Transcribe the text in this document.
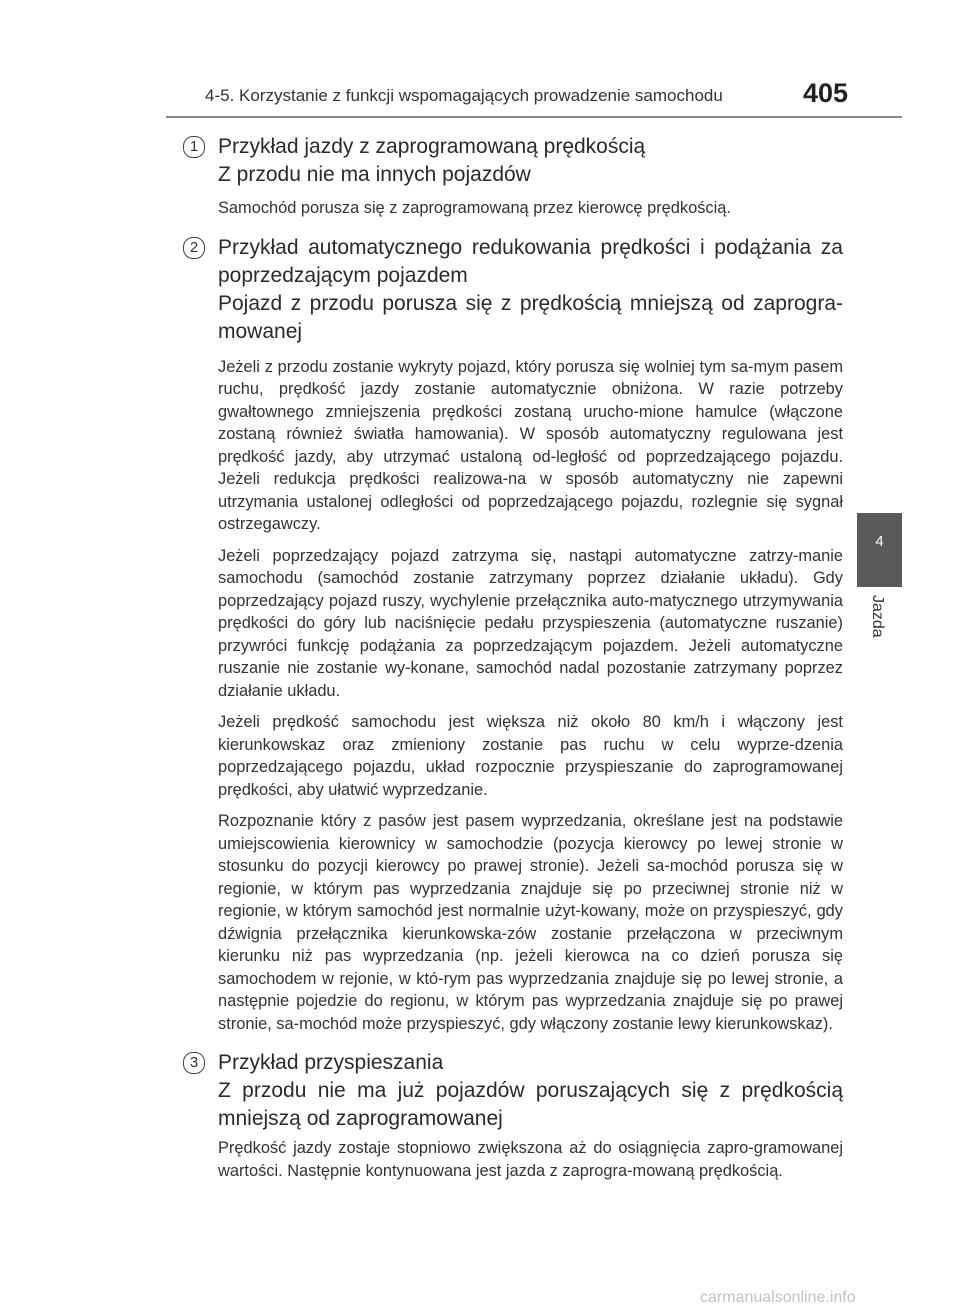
4-5. Korzystanie z funkcji wspomagających prowadzenie samochodu	405
4
Jazda
1 Przykład jazdy z zaprogramowaną prędkością
Z przodu nie ma innych pojazdów
Samochód porusza się z zaprogramowaną przez kierowcę prędkością.
2 Przykład automatycznego redukowania prędkości i podążania za poprzedzającym pojazdem
Pojazd z przodu porusza się z prędkością mniejszą od zaprogra-mowanej
Jeżeli z przodu zostanie wykryty pojazd, który porusza się wolniej tym sa-mym pasem ruchu, prędkość jazdy zostanie automatycznie obniżona. W razie potrzeby gwałtownego zmniejszenia prędkości zostaną urucho-mione hamulce (włączone zostaną również światła hamowania). W sposób automatyczny regulowana jest prędkość jazdy, aby utrzymać ustaloną od-ległość od poprzedzającego pojazdu. Jeżeli redukcja prędkości realizowa-na w sposób automatyczny nie zapewni utrzymania ustalonej odległości od poprzedzającego pojazdu, rozlegnie się sygnał ostrzegawczy.
Jeżeli poprzedzający pojazd zatrzyma się, nastąpi automatyczne zatrzy-manie samochodu (samochód zostanie zatrzymany poprzez działanie układu). Gdy poprzedzający pojazd ruszy, wychylenie przełącznika auto-matycznego utrzymywania prędkości do góry lub naciśnięcie pedału przyspieszenia (automatyczne ruszanie) przywróci funkcję podążania za poprzedzającym pojazdem. Jeżeli automatyczne ruszanie nie zostanie wy-konane, samochód nadal pozostanie zatrzymany poprzez działanie układu.
Jeżeli prędkość samochodu jest większa niż około 80 km/h i włączony jest kierunkowskaz oraz zmieniony zostanie pas ruchu w celu wyprze-dzenia poprzedzającego pojazdu, układ rozpocznie przyspieszanie do zaprogramowanej prędkości, aby ułatwić wyprzedzanie.
Rozpoznanie który z pasów jest pasem wyprzedzania, określane jest na podstawie umiejscowienia kierownicy w samochodzie (pozycja kierowcy po lewej stronie w stosunku do pozycji kierowcy po prawej stronie). Jeżeli sa-mochód porusza się w regionie, w którym pas wyprzedzania znajduje się po przeciwnej stronie niż w regionie, w którym samochód jest normalnie użyt-kowany, może on przyspieszyć, gdy dźwignia przełącznika kierunkowska-zów zostanie przełączona w przeciwnym kierunku niż pas wyprzedzania (np. jeżeli kierowca na co dzień porusza się samochodem w rejonie, w któ-rym pas wyprzedzania znajduje się po lewej stronie, a następnie pojedzie do regionu, w którym pas wyprzedzania znajduje się po prawej stronie, sa-mochód może przyspieszyć, gdy włączony zostanie lewy kierunkowskaz).
3 Przykład przyspieszania
Z przodu nie ma już pojazdów poruszających się z prędkością mniejszą od zaprogramowanej
Prędkość jazdy zostaje stopniowo zwiększona aż do osiągnięcia zapro-gramowanej wartości. Następnie kontynuowana jest jazda z zaprogra-mowaną prędkością.
carmanualsonline.info
